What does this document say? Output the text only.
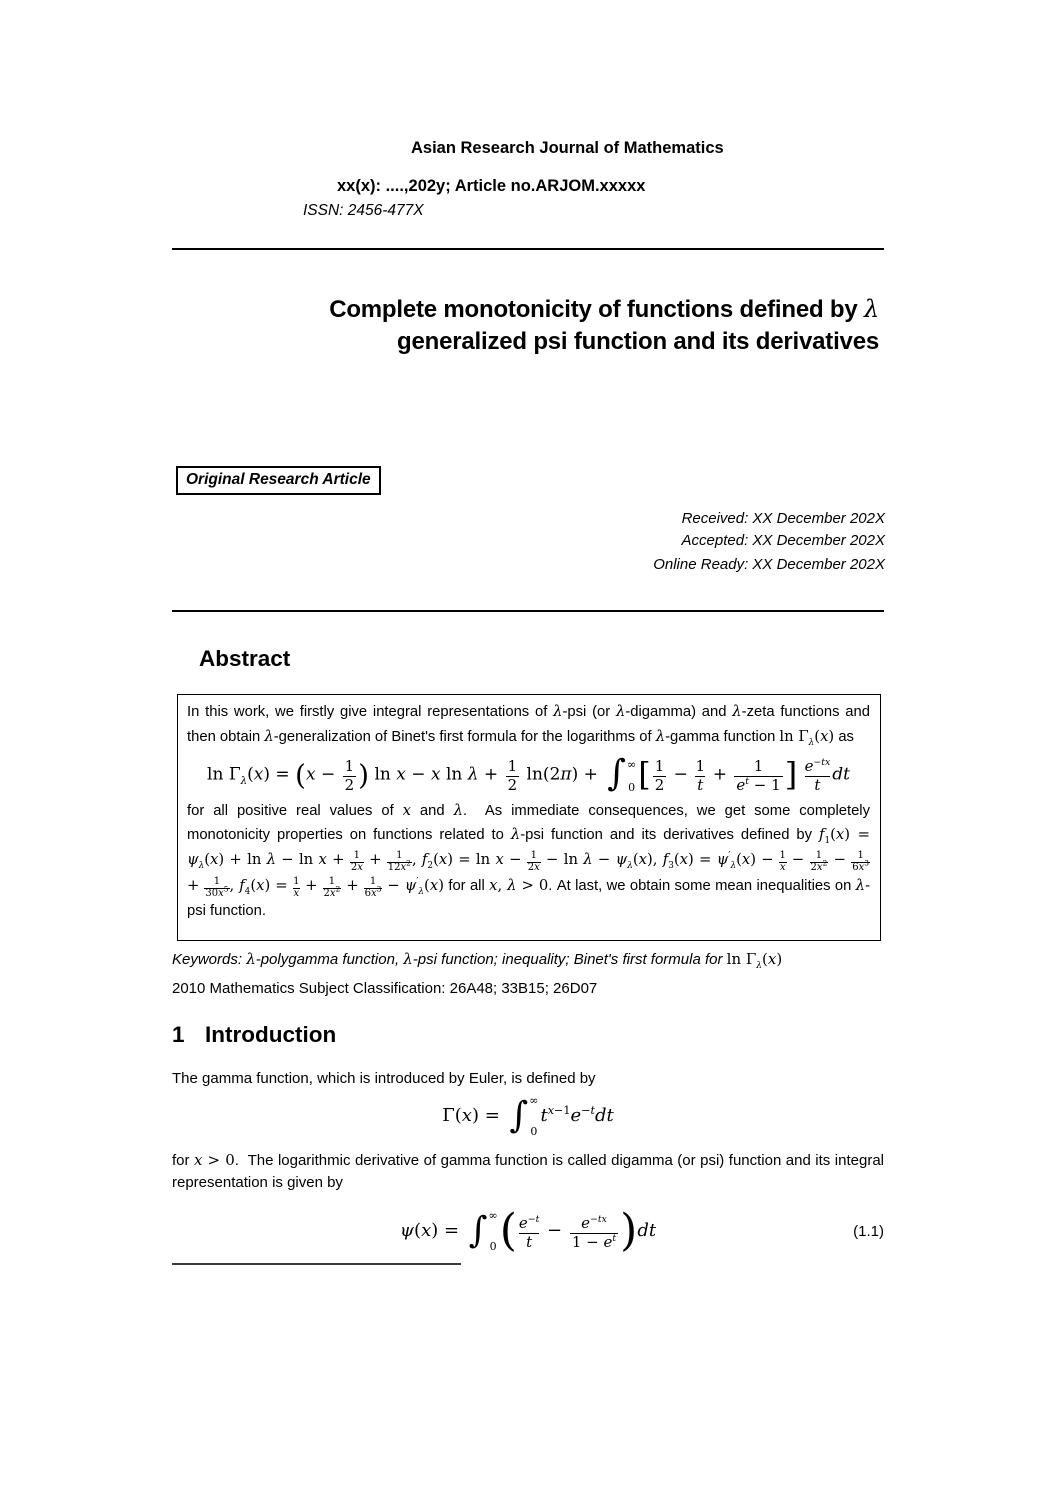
Asian Research Journal of Mathematics
xx(x): ....,202y; Article no.ARJOM.xxxxx
ISSN: 2456-477X
Complete monotonicity of functions defined by λ
generalized psi function and its derivatives
Original Research Article
Received: XX December 202X
Accepted: XX December 202X
Online Ready: XX December 202X
Abstract

In this work, we firstly give integral representations of λ-psi (or λ-digamma) and λ-zeta functions and then obtain λ-generalization of Binet's first formula for the logarithms of λ-gamma function $\ln \Gamma_\lambda(x)$ as

$\ln \Gamma_\lambda(x) = (x - \frac{1}{2}$ ) ln x − x $\ln \lambda + \frac{1}{2} \ln(2\pi)$ + ∫ ∞
0 [ $\frac{1}{2} - \frac{1}{t} + \frac{1}{e^t - 1}$ ] $\frac{e^{-tx}}{t}$ dt

for all positive real values of x and λ.  As immediate consequences, we get some completely monotonicity properties on functions related to λ-psi function and its derivatives defined by $f_1(x) = \psi_\lambda(x) + \ln \lambda - \ln x + \frac{1}{2x} + \frac{1}{12x^2}$ , $f_2(x) = \ln x - \frac{1}{2x} - \ln \lambda - \psi_\lambda(x)$, $f_3(x) = \psi'_\lambda(x) - \frac{1}{x} - \frac{1}{2x^2} - \frac{1}{6x^3}$
+ $\frac{1}{30x^5}$ , $f_4(x) = \frac{1}{x} + \frac{1}{2x^2} + \frac{1}{6x^3} - \psi'_\lambda(x)$ for all x, λ > 0. At last, we obtain some mean inequalities on λ-psi function.

Keywords: λ-polygamma function, λ-psi function; inequality; Binet's first formula for $\ln \Gamma_\lambda(x)$
2010 Mathematics Subject Classification: 26A48; 33B15; 26D07
1 Introduction

The gamma function, which is introduced by Euler, is defined by

Γ(x) = ∫ ∞
0
$t^{x-1}e^{-t}dt$

for x > 0.  The logarithmic derivative of gamma function is called digamma (or psi) function and its integral representation is given by

ψ(x) = ∫ ∞
0 ( $\frac{e^{-t}}{t} - \frac{e^{-tx}}{1 - e^t} )dt$	(1.1)
